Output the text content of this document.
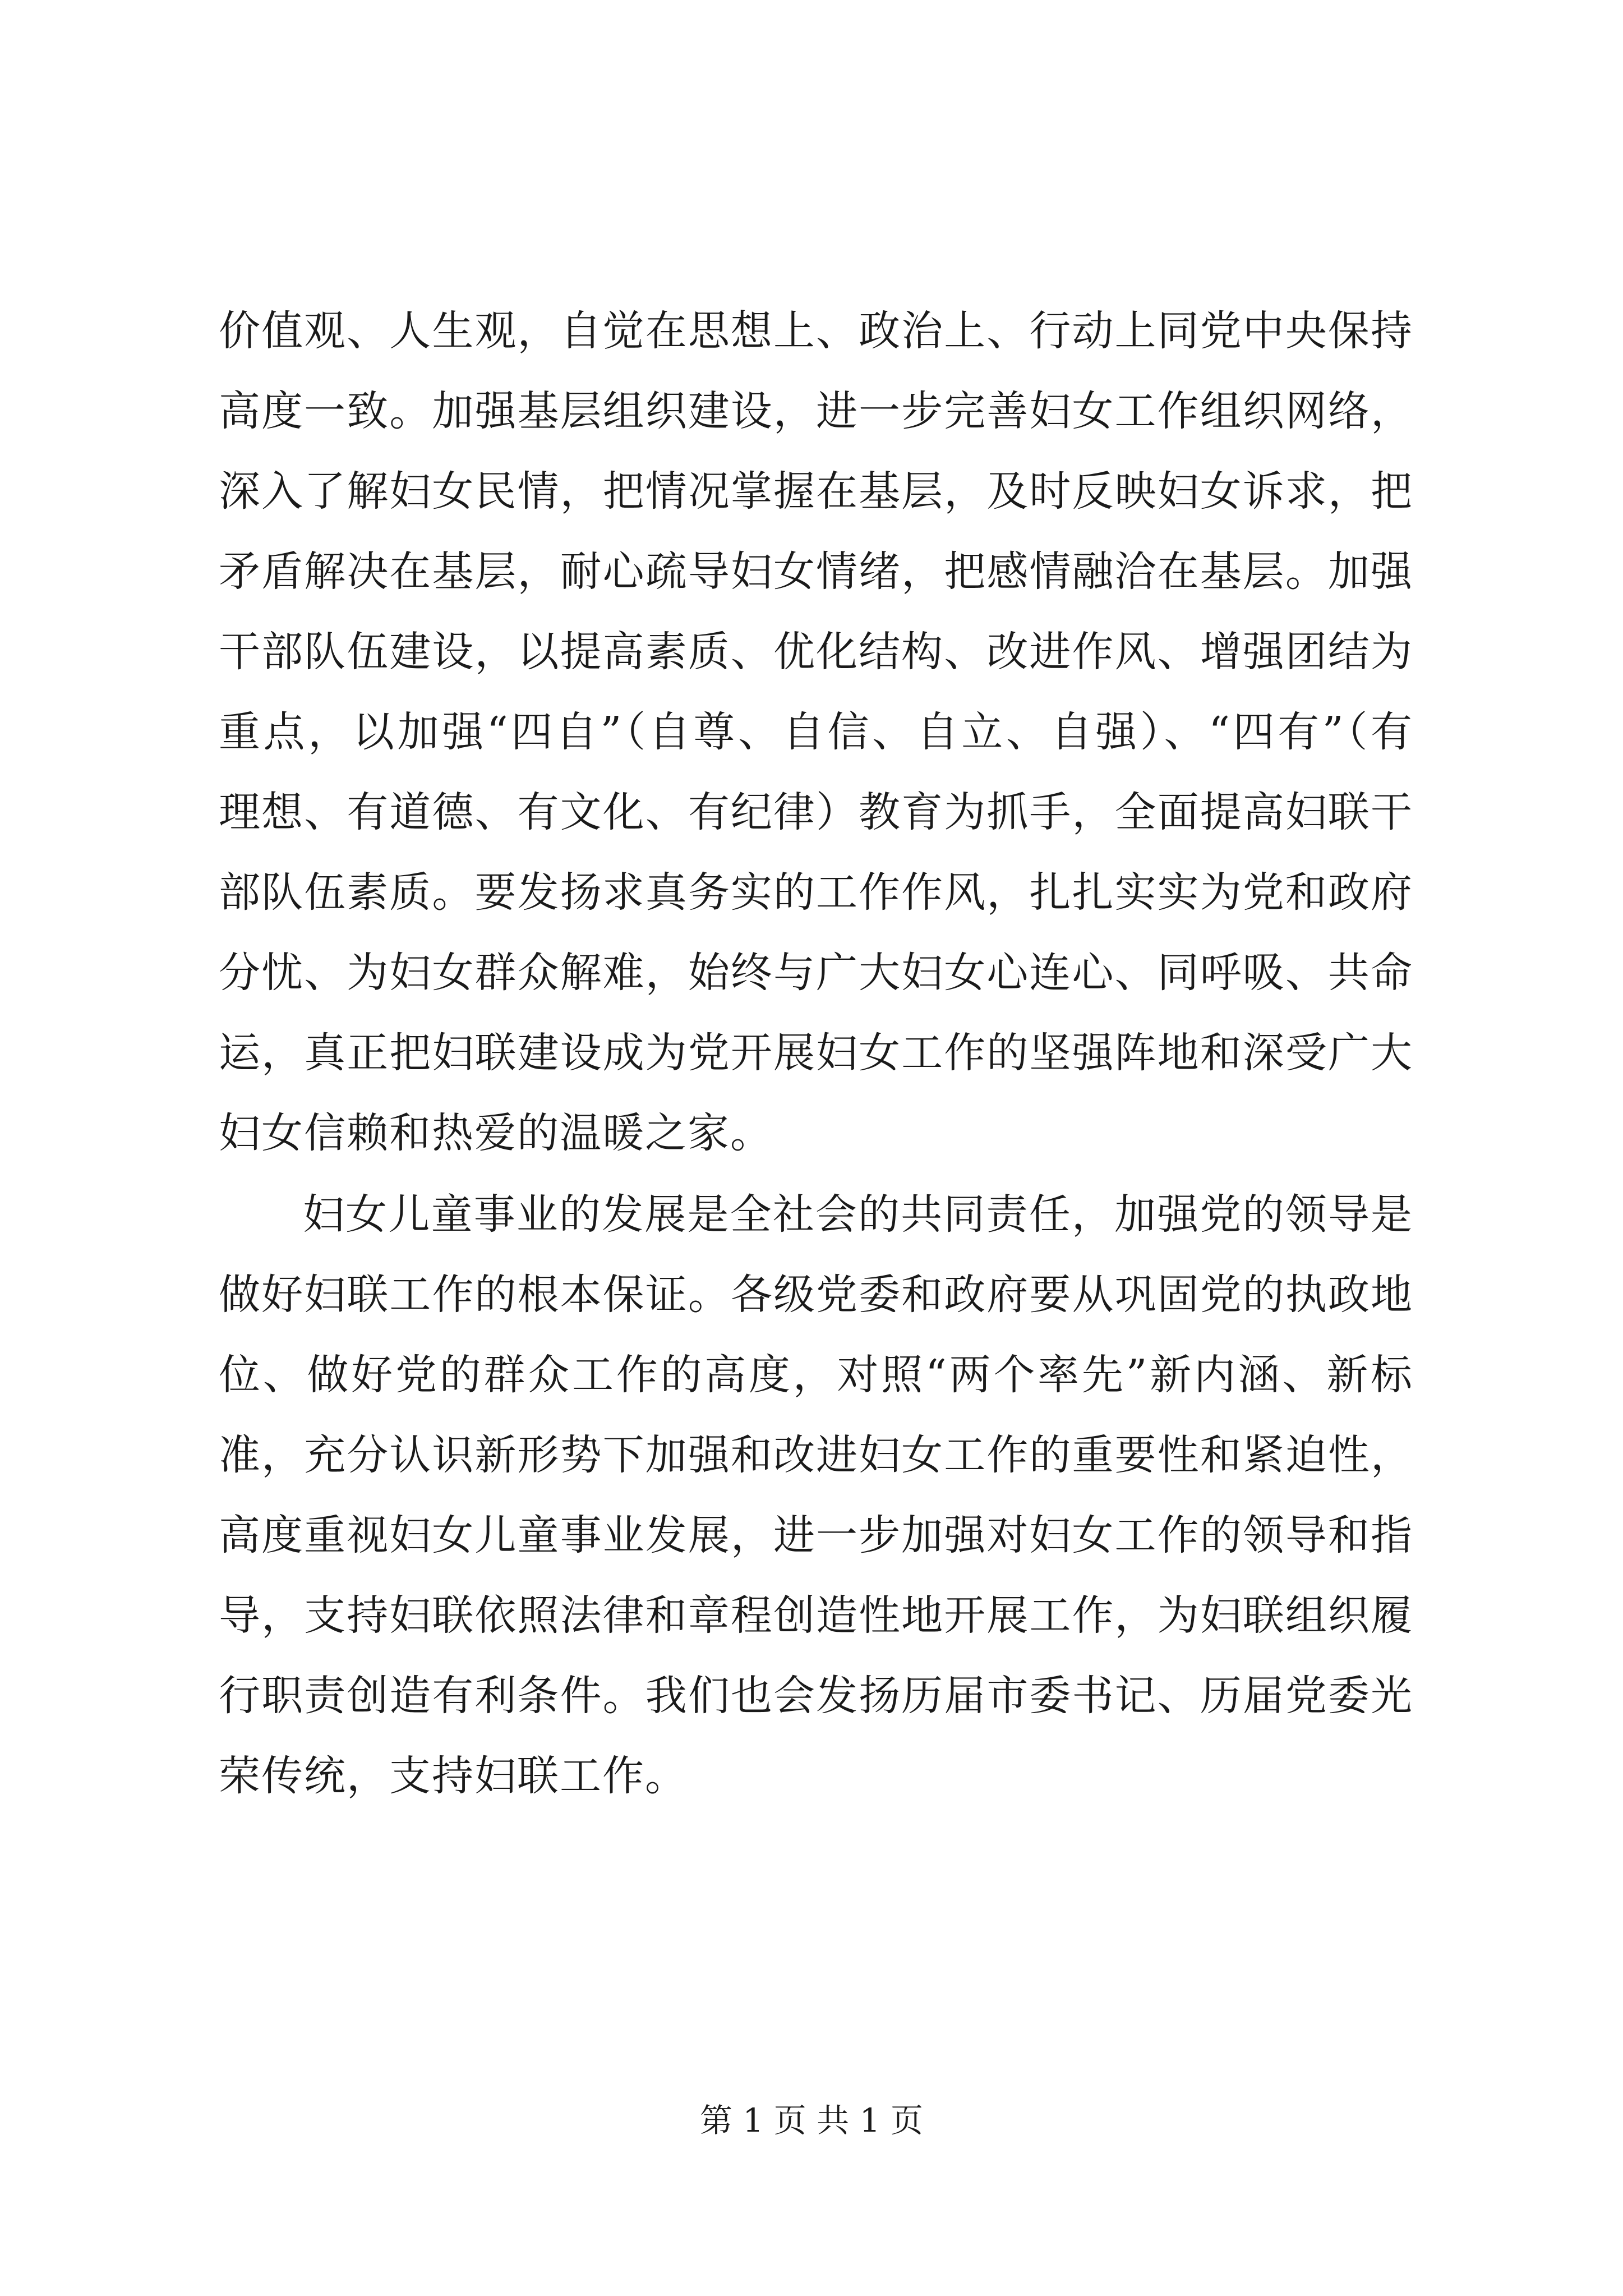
价值观、人生观，自觉在思想上、政治上、行动上同党中央保持
高度一致。加强基层组织建设，进一步完善妇女工作组织网络，
深入了解妇女民情，把情况掌握在基层，及时反映妇女诉求，把
矛盾解决在基层，耐心疏导妇女情绪，把感情融洽在基层。加强
干部队伍建设，以提高素质、优化结构、改进作风、增强团结为
重点，以加强“四自”（自尊、自信、自立、自强）、“四有”（有
理想、有道德、有文化、有纪律）教育为抓手，全面提高妇联干
部队伍素质。要发扬求真务实的工作作风，扎扎实实为党和政府
分忧、为妇女群众解难，始终与广大妇女心连心、同呼吸、共命
运，真正把妇联建设成为党开展妇女工作的坚强阵地和深受广大
妇女信赖和热爱的温暖之家。
妇女儿童事业的发展是全社会的共同责任，加强党的领导是
做好妇联工作的根本保证。各级党委和政府要从巩固党的执政地
位、做好党的群众工作的高度，对照“两个率先”新内涵、新标
准，充分认识新形势下加强和改进妇女工作的重要性和紧迫性，
高度重视妇女儿童事业发展，进一步加强对妇女工作的领导和指
导，支持妇联依照法律和章程创造性地开展工作，为妇联组织履
行职责创造有利条件。我们也会发扬历届市委书记、历届党委光
荣传统，支持妇联工作。
第 1 页 共 1 页
